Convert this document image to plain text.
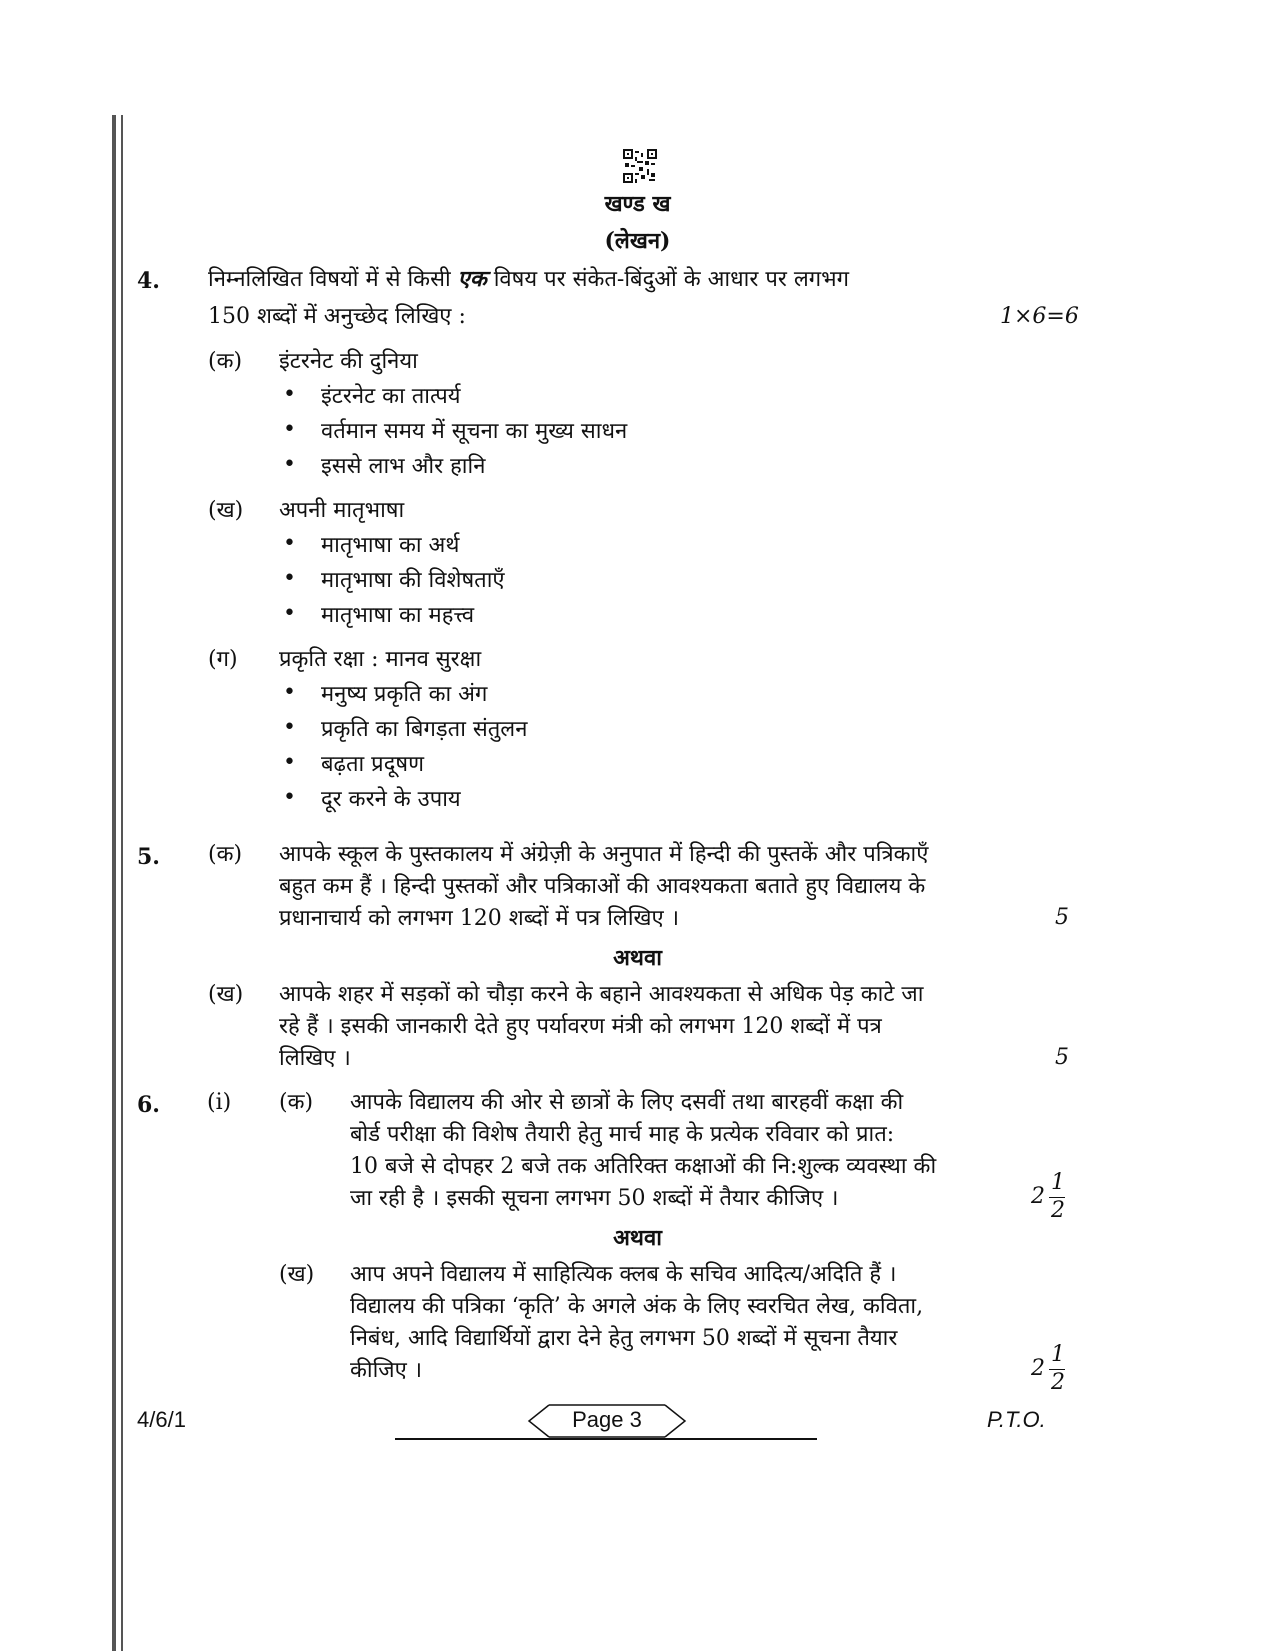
खण्ड ख
(लेखन)
4. निम्नलिखित विषयों में से किसी एक विषय पर संकेत-बिंदुओं के आधार पर लगभग
150 शब्दों में अनुच्छेद लिखिए :	1×6=6
(क) इंटरनेट की दुनिया
• इंटरनेट का तात्पर्य
• वर्तमान समय में सूचना का मुख्य साधन
• इससे लाभ और हानि
(ख) अपनी मातृभाषा
• मातृभाषा का अर्थ
• मातृभाषा की विशेषताएँ
• मातृभाषा का महत्त्व
(ग) प्रकृति रक्षा : मानव सुरक्षा
• मनुष्य प्रकृति का अंग
• प्रकृति का बिगड़ता संतुलन
• बढ़ता प्रदूषण
• दूर करने के उपाय
5. (क) आपके स्कूल के पुस्तकालय में अंग्रेज़ी के अनुपात में हिन्दी की पुस्तकें और पत्रिकाएँ
बहुत कम हैं । हिन्दी पुस्तकों और पत्रिकाओं की आवश्यकता बताते हुए विद्यालय के
प्रधानाचार्य को लगभग 120 शब्दों में पत्र लिखिए ।	5
अथवा
(ख) आपके शहर में सड़कों को चौड़ा करने के बहाने आवश्यकता से अधिक पेड़ काटे जा
रहे हैं । इसकी जानकारी देते हुए पर्यावरण मंत्री को लगभग 120 शब्दों में पत्र
लिखिए ।	5
6. (i) (क) आपके विद्यालय की ओर से छात्रों के लिए दसवीं तथा बारहवीं कक्षा की
बोर्ड परीक्षा की विशेष तैयारी हेतु मार्च माह के प्रत्येक रविवार को प्रात:
10 बजे से दोपहर 2 बजे तक अतिरिक्त कक्षाओं की नि:शुल्क व्यवस्था की
जा रही है । इसकी सूचना लगभग 50 शब्दों में तैयार कीजिए ।	2
1
2
अथवा
(ख) आप अपने विद्यालय में साहित्यिक क्लब के सचिव आदित्य/अदिति हैं ।
विद्यालय की पत्रिका ‘कृति’ के अगले अंक के लिए स्वरचित लेख, कविता,
निबंध, आदि विद्यार्थियों द्वारा देने हेतु लगभग 50 शब्दों में सूचना तैयार
कीजिए ।	2
1
2
4/6/1	Page 3	P.T.O.
